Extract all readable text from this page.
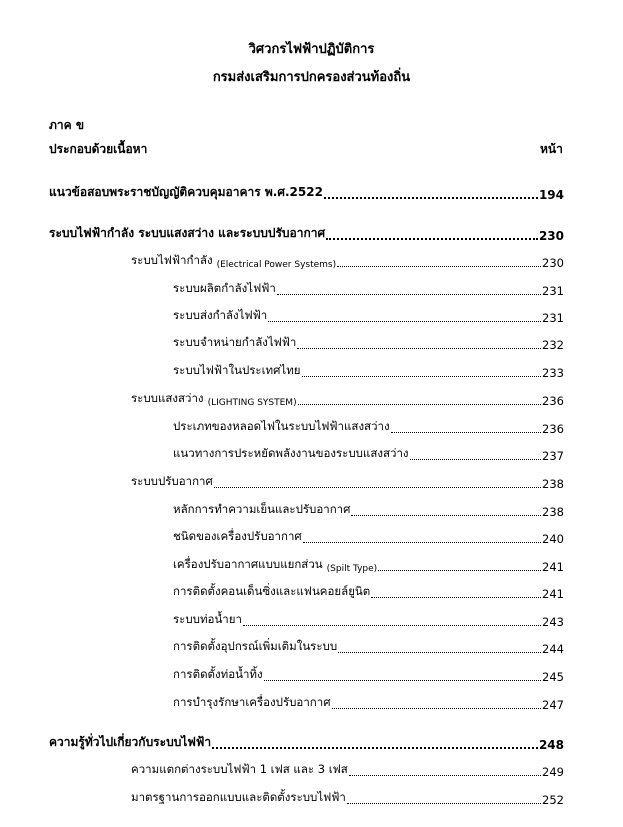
วิศวกรไฟฟ้าปฏิบัติการ
กรมส่งเสริมการปกครองส่วนท้องถิ่น
ภาค ข
ประกอบด้วยเนื้อหา	หน้า
แนวข้อสอบพระราชบัญญัติควบคุมอาคาร พ.ศ.2522	194
ระบบไฟฟ้ากำลัง ระบบแสงสว่าง และระบบปรับอากาศ	230
ระบบไฟฟ้ากำลัง (Electrical Power Systems)	230
ระบบผลิตกำลังไฟฟ้า	231
ระบบส่งกำลังไฟฟ้า	231
ระบบจำหน่ายกำลังไฟฟ้า	232
ระบบไฟฟ้าในประเทศไทย	233
ระบบแสงสว่าง (LIGHTING SYSTEM)	236
ประเภทของหลอดไฟในระบบไฟฟ้าแสงสว่าง	236
แนวทางการประหยัดพลังงานของระบบแสงสว่าง	237
ระบบปรับอากาศ	238
หลักการทำความเย็นและปรับอากาศ	238
ชนิดของเครื่องปรับอากาศ	240
เครื่องปรับอากาศแบบแยกส่วน (Spilt Type)	241
การติดตั้งคอนเด็นซิ่งและแฟนคอยล์ยูนิต	241
ระบบท่อน้ำยา	243
การติดตั้งอุปกรณ์เพิ่มเติมในระบบ	244
การติดตั้งท่อน้ำทิ้ง	245
การบำรุงรักษาเครื่องปรับอากาศ	247
ความรู้ทั่วไปเกี่ยวกับระบบไฟฟ้า	248
ความแตกต่างระบบไฟฟ้า 1 เฟส และ 3 เฟส	249
มาตรฐานการออกแบบและติดตั้งระบบไฟฟ้า	252
